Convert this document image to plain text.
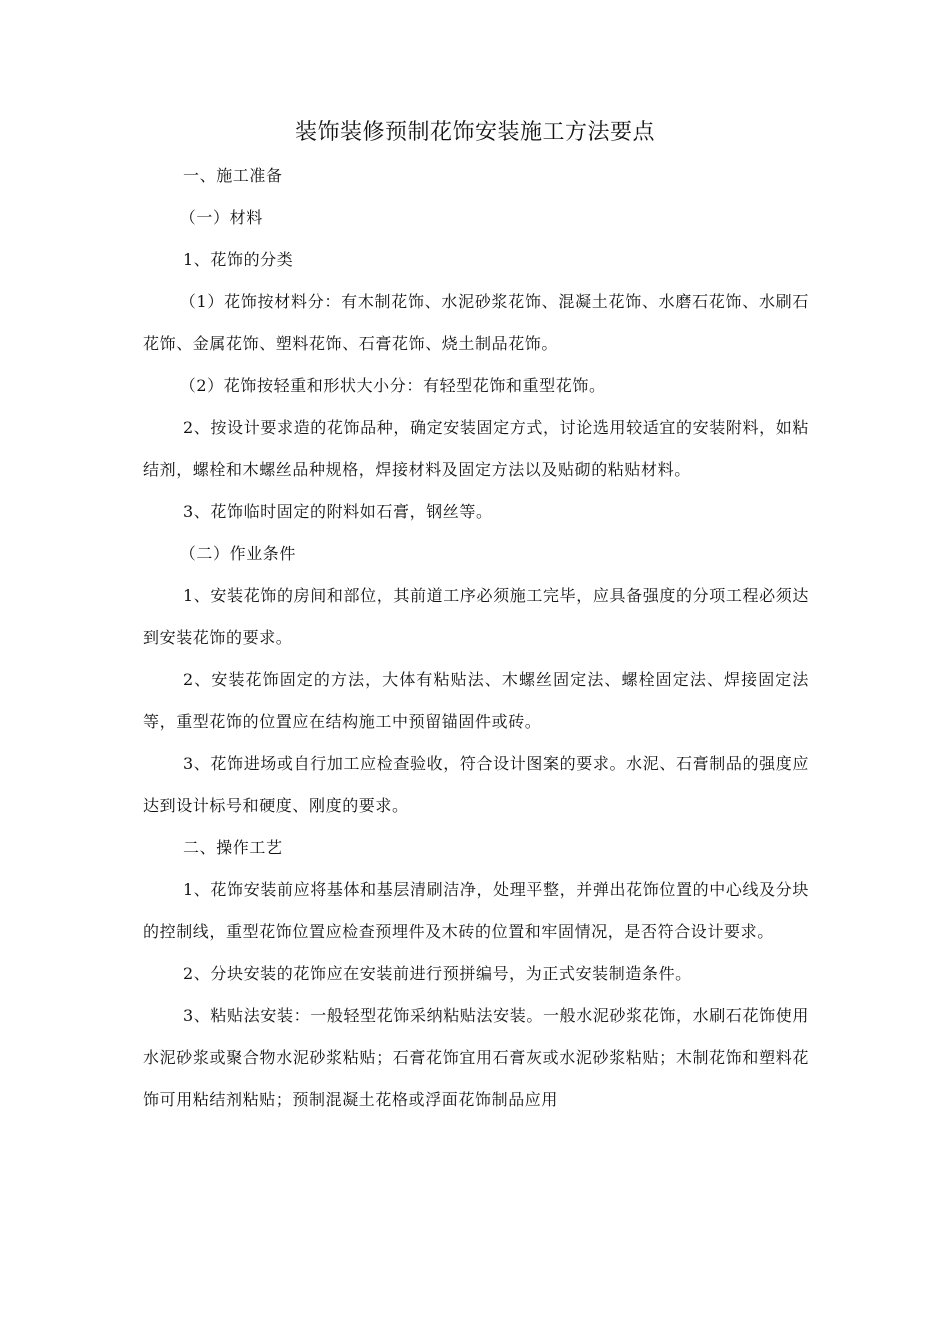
装饰装修预制花饰安装施工方法要点

一、施工准备

（一）材料

1、花饰的分类

（1）花饰按材料分：有木制花饰、水泥砂浆花饰、混凝土花饰、水磨石花饰、水刷石花饰、金属花饰、塑料花饰、石膏花饰、烧土制品花饰。

（2）花饰按轻重和形状大小分：有轻型花饰和重型花饰。

2、按设计要求造的花饰品种，确定安装固定方式，讨论选用较适宜的安装附料，如粘结剂，螺栓和木螺丝品种规格，焊接材料及固定方法以及贴砌的粘贴材料。

3、花饰临时固定的附料如石膏，钢丝等。

（二）作业条件

1、安装花饰的房间和部位，其前道工序必须施工完毕，应具备强度的分项工程必须达到安装花饰的要求。

2、安装花饰固定的方法，大体有粘贴法、木螺丝固定法、螺栓固定法、焊接固定法等，重型花饰的位置应在结构施工中预留锚固件或砖。

3、花饰进场或自行加工应检查验收，符合设计图案的要求。水泥、石膏制品的强度应达到设计标号和硬度、刚度的要求。

二、操作工艺

1、花饰安装前应将基体和基层清刷洁净，处理平整，并弹出花饰位置的中心线及分块的控制线，重型花饰位置应检查预埋件及木砖的位置和牢固情况，是否符合设计要求。

2、分块安装的花饰应在安装前进行预拼编号，为正式安装制造条件。

3、粘贴法安装：一般轻型花饰采纳粘贴法安装。一般水泥砂浆花饰，水刷石花饰使用水泥砂浆或聚合物水泥砂浆粘贴；石膏花饰宜用石膏灰或水泥砂浆粘贴；木制花饰和塑料花饰可用粘结剂粘贴；预制混凝土花格或浮面花饰制品应用
